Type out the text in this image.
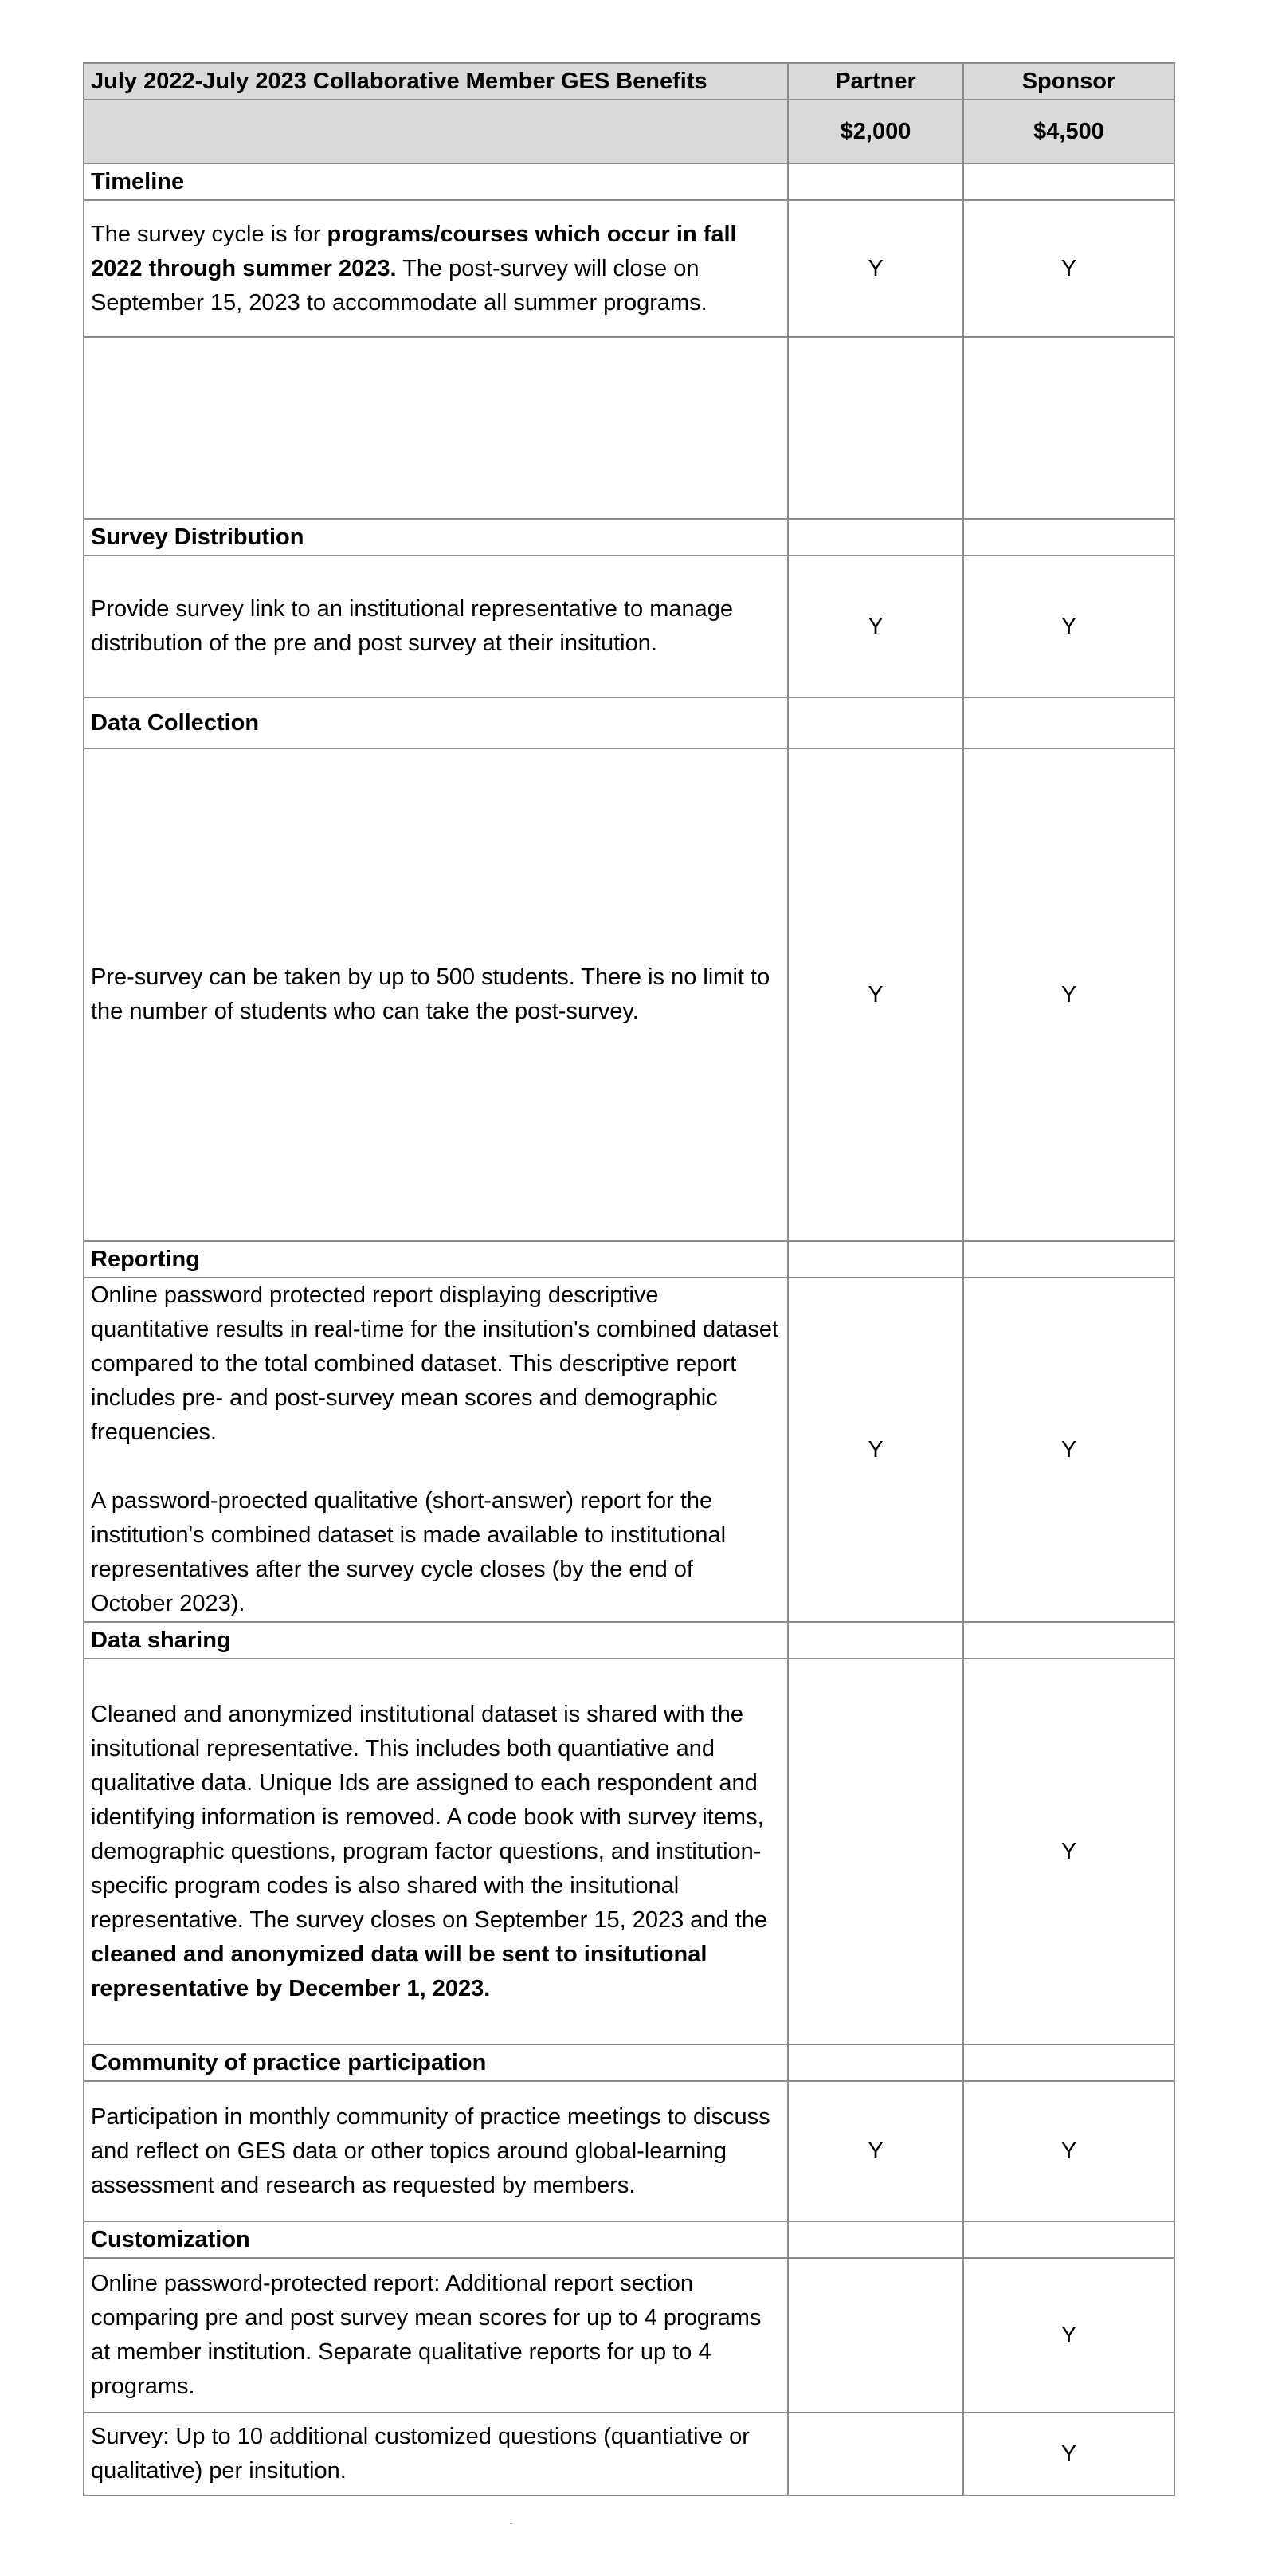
July 2022-July 2023 Collaborative Member GES Benefits	Partner	Sponsor
	$2,000	$4,500
Timeline		
The survey cycle is for programs/courses which occur in fall 2022 through summer 2023. The post-survey will close on September 15, 2023 to accommodate all summer programs.	Y	Y

Survey Distribution		
Provide survey link to an institutional representative to manage distribution of the pre and post survey at their insitution.	Y	Y
Data Collection		
Pre-survey can be taken by up to 500 students. There is no limit to the number of students who can take the post-survey.	Y	Y
Reporting		

Online password protected report displaying descriptive quantitative results in real-time for the insitution's combined dataset compared to the total combined dataset. This descriptive report includes pre- and post-survey mean scores and demographic frequencies.
A password-proected qualitative (short-answer) report for the institution's combined dataset is made available to institutional representatives after the survey cycle closes (by the end of October 2023).	Y	Y
Data sharing		
Cleaned and anonymized institutional dataset is shared with the insitutional representative. This includes both quantiative and qualitative data. Unique Ids are assigned to each respondent and identifying information is removed. A code book with survey items, demographic questions, program factor questions, and institution-specific program codes is also shared with the insitutional representative. The survey closes on September 15, 2023 and the cleaned and anonymized data will be sent to insitutional representative by December 1, 2023.		Y
Community of practice participation		
Participation in monthly community of practice meetings to discuss and reflect on GES data or other topics around global-learning assessment and research as requested by members.	Y	Y
Customization		
Online password-protected report: Additional report section comparing pre and post survey mean scores for up to 4 programs at member institution. Separate qualitative reports for up to 4 programs.		Y
Survey: Up to 10 additional customized questions (quantiative or qualitative) per insitution.		Y
